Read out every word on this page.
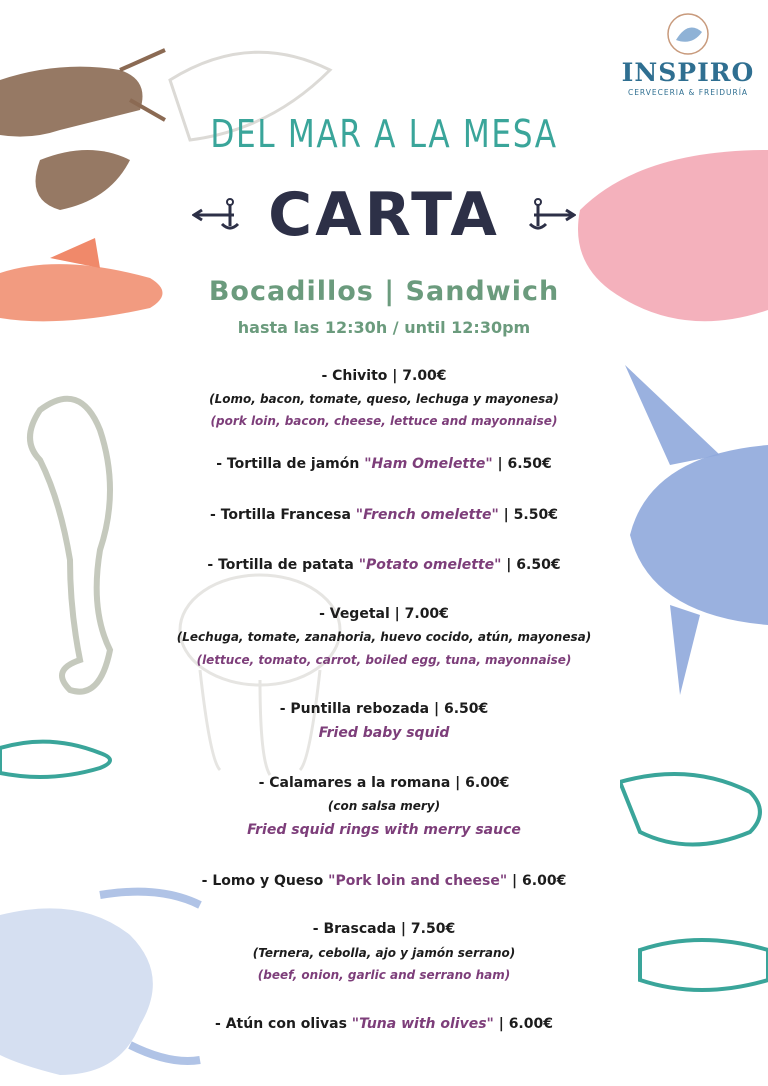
INSPIRO
CERVECERIA & FREIDURÍA
DEL MAR A LA MESA
CARTA
Bocadillos | Sandwich
hasta las 12:30h / until 12:30pm
- Chivito | 7.00€
(Lomo, bacon, tomate, queso, lechuga y mayonesa)
(pork loin, bacon, cheese, lettuce and mayonnaise)
- Tortilla de jamón "Ham Omelette" | 6.50€
- Tortilla Francesa "French omelette" | 5.50€
- Tortilla de patata "Potato omelette" | 6.50€
- Vegetal | 7.00€
(Lechuga, tomate, zanahoria, huevo cocido, atún, mayonesa)
(lettuce, tomato, carrot, boiled egg, tuna, mayonnaise)
- Puntilla rebozada | 6.50€
Fried baby squid
- Calamares a la romana | 6.00€
(con salsa mery)
Fried squid rings with merry sauce
- Lomo y Queso "Pork loin and cheese" | 6.00€
- Brascada | 7.50€
(Ternera, cebolla, ajo y jamón serrano)
(beef, onion, garlic and serrano ham)
- Atún con olivas "Tuna with olives" | 6.00€
